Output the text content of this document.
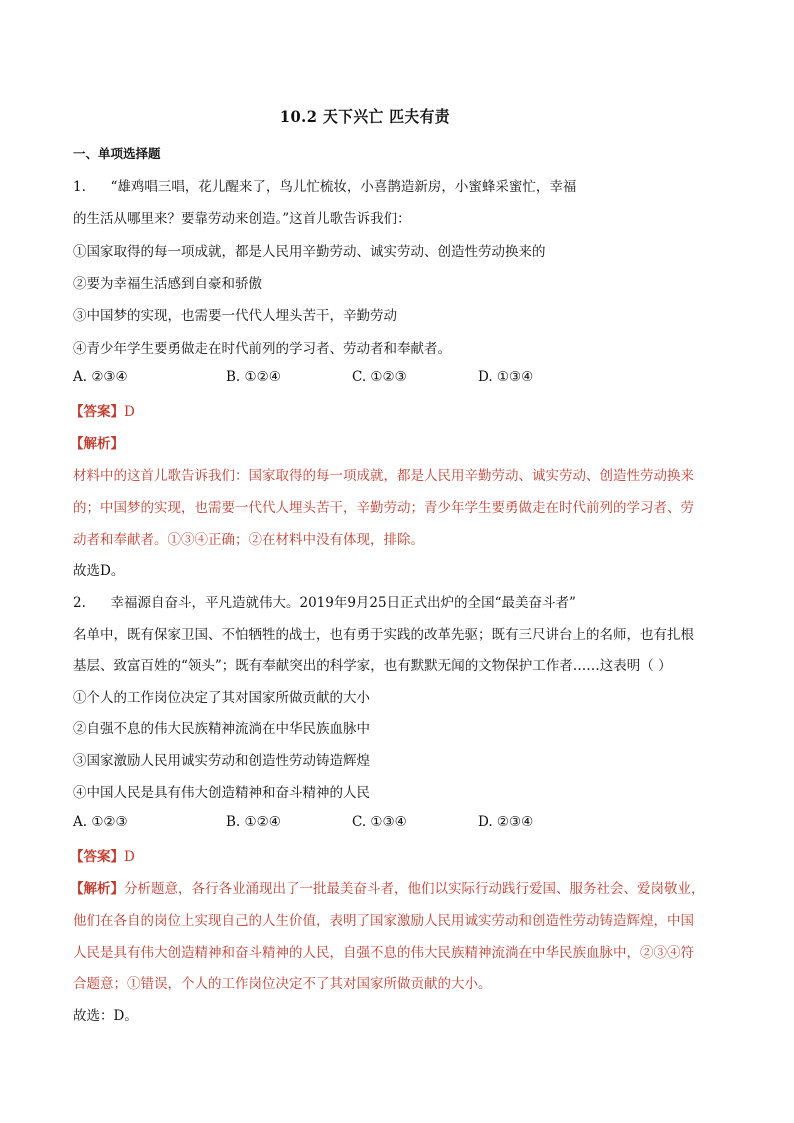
10.2 天下兴亡 匹夫有责
一、单项选择题
1. “雄鸡唱三唱，花儿醒来了，鸟儿忙梳妆，小喜鹊造新房，小蜜蜂采蜜忙，幸福
的生活从哪里来？要靠劳动来创造。”这首儿歌告诉我们：
①国家取得的每一项成就，都是人民用辛勤劳动、诚实劳动、创造性劳动换来的
②要为幸福生活感到自豪和骄傲
③中国梦的实现，也需要一代代人埋头苦干，辛勤劳动
④青少年学生要勇做走在时代前列的学习者、劳动者和奉献者。
A. ②③④	B. ①②④	C. ①②③	D. ①③④
【答案】D
【解析】
材料中的这首儿歌告诉我们：国家取得的每一项成就，都是人民用辛勤劳动、诚实劳动、创造性劳动换来
的；中国梦的实现，也需要一代代人埋头苦干，辛勤劳动；青少年学生要勇做走在时代前列的学习者、劳
动者和奉献者。①③④正确；②在材料中没有体现，排除。
故选D。
2. 幸福源自奋斗，平凡造就伟大。2019年9月25日正式出炉的全国“最美奋斗者”
名单中，既有保家卫国、不怕牺牲的战士，也有勇于实践的改革先驱；既有三尺讲台上的名师，也有扎根
基层、致富百姓的“领头”；既有奉献突出的科学家，也有默默无闻的文物保护工作者……这表明（ ）
①个人的工作岗位决定了其对国家所做贡献的大小
②自强不息的伟大民族精神流淌在中华民族血脉中
③国家激励人民用诚实劳动和创造性劳动铸造辉煌
④中国人民是具有伟大创造精神和奋斗精神的人民
A. ①②③	B. ①②④	C. ①③④	D. ②③④
【答案】D
【解析】分析题意，各行各业涌现出了一批最美奋斗者，他们以实际行动践行爱国、服务社会、爱岗敬业，
他们在各自的岗位上实现自己的人生价值，表明了国家激励人民用诚实劳动和创造性劳动铸造辉煌，中国
人民是具有伟大创造精神和奋斗精神的人民，自强不息的伟大民族精神流淌在中华民族血脉中，②③④符
合题意；①错误，个人的工作岗位决定不了其对国家所做贡献的大小。
故选：D。
